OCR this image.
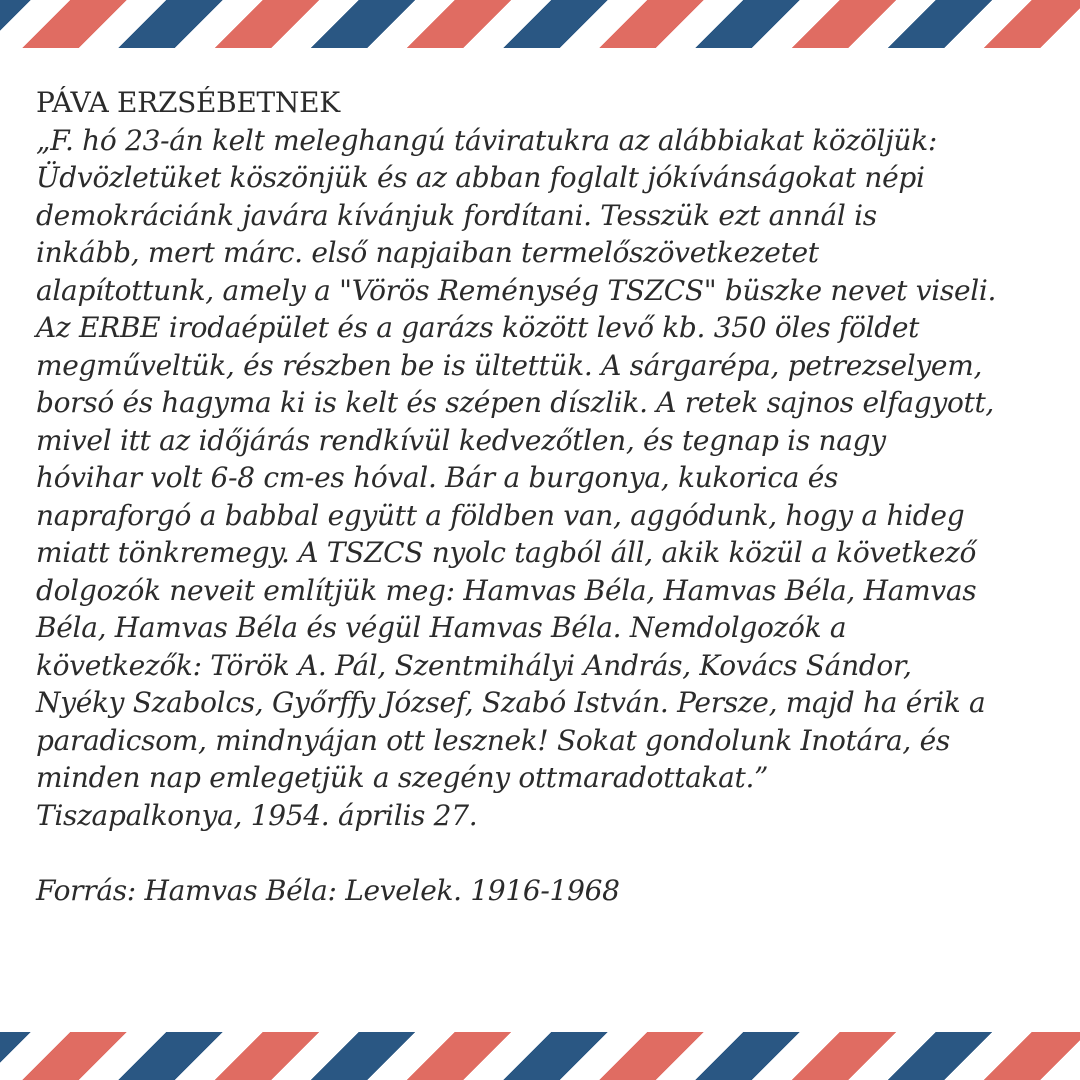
PÁVA ERZSÉBETNEK
„F. hó 23-án kelt meleghangú táviratukra az alábbiakat közöljük:
Üdvözletüket köszönjük és az abban foglalt jókívánságokat népi
demokráciánk javára kívánjuk fordítani. Tesszük ezt annál is
inkább, mert márc. első napjaiban termelőszövetkezetet
alapítottunk, amely a "Vörös Reménység TSZCS" büszke nevet viseli.
Az ERBE irodaépület és a garázs között levő kb. 350 öles földet
megműveltük, és részben be is ültettük. A sárgarépa, petrezselyem,
borsó és hagyma ki is kelt és szépen díszlik. A retek sajnos elfagyott,
mivel itt az időjárás rendkívül kedvezőtlen, és tegnap is nagy
hóvihar volt 6-8 cm-es hóval. Bár a burgonya, kukorica és
napraforgó a babbal együtt a földben van, aggódunk, hogy a hideg
miatt tönkremegy. A TSZCS nyolc tagból áll, akik közül a következő
dolgozók neveit említjük meg: Hamvas Béla, Hamvas Béla, Hamvas
Béla, Hamvas Béla és végül Hamvas Béla. Nemdolgozók a
következők: Török A. Pál, Szentmihályi András, Kovács Sándor,
Nyéky Szabolcs, Győrffy József, Szabó István. Persze, majd ha érik a
paradicsom, mindnyájan ott lesznek! Sokat gondolunk Inotára, és
minden nap emlegetjük a szegény ottmaradottakat.”
Tiszapalkonya, 1954. április 27.
Forrás: Hamvas Béla: Levelek. 1916-1968
